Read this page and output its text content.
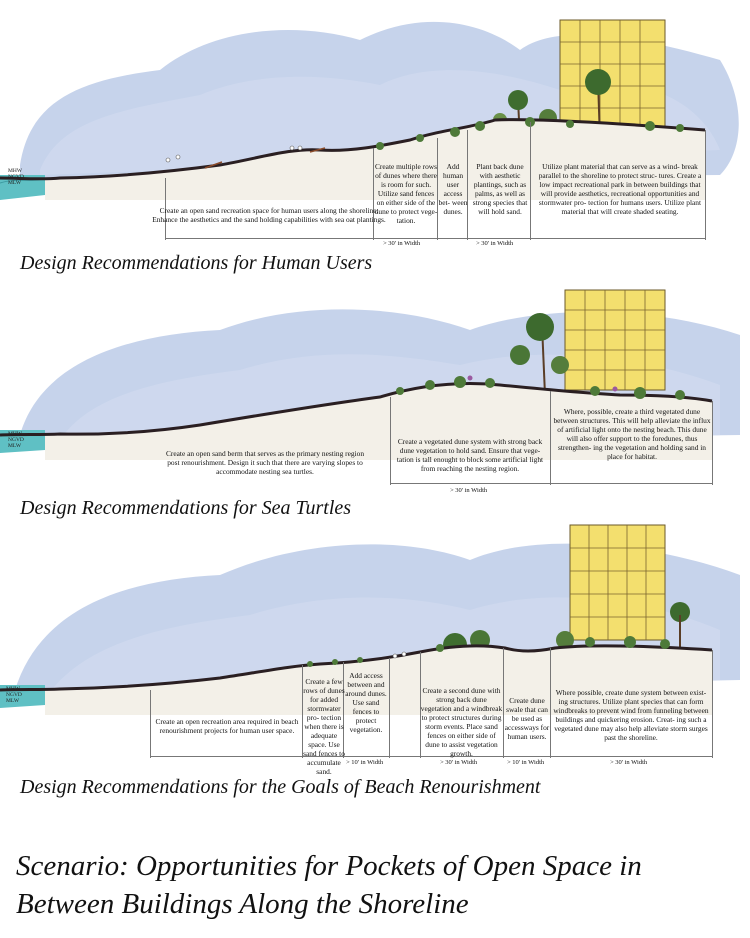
MHW
NGVD
MLW
Create an open sand recreation space for human users along the shoreline. Enhance the aesthetics and the sand holding capabilities with sea oat plantings.
Create multiple rows of dunes where there is room for such. Utilize sand fences on either side of the dune to protect vege- tation.
Add human user access bet- ween dunes.
Plant back dune with aesthetic plantings, such as palms, as well as strong species that will hold sand.
Utilize plant material that can serve as a wind- break parallel to the shoreline to protect struc- tures. Create a low impact recreational park in between buildings that will provide aesthetics, recreational opportunities and stormwater pro- tection for humans users. Utilize plant material that will create shaded seating.
> 30' in Width	> 30' in Width
Design Recommendations for Human Users
MHW
NGVD
MLW
Create an open sand berm that serves as the primary nesting region post renourishment. Design it such that there are varying slopes to accommodate nesting sea turtles.
Create a vegetated dune system with strong back dune vegetation to hold sand. Ensure that vege- tation is tall enought to block some artificial light from reaching the nesting region.
Where, possible, create a third vegetated dune between structures. This will help alleviate the influx of artificial light onto the nesting beach. This dune will also offer support to the foredunes, thus strengthen- ing the vegetation and holding sand in place for habitat.
> 30' in Width
Design Recommendations for Sea Turtles
MHW
NGVD
MLW
Create an open recreation area required in beach renourishment projects for human user space.
Create a few rows of dunes for added stormwater pro- tection when there is adequate space. Use sand fences to accumulate sand.
Add access between and around dunes. Use sand fences to protect vegetation.
Create a second dune with strong back dune vegetation and a windbreak to protect structures during storm events. Place sand fences on either side of dune to assist vegetation growth.
Create dune swale that can be used as accessways for human users.
Where possible, create dune system between exist- ing structures. Utilize plant species that can form windbreaks to prevent wind from funneling between buildings and quickering erosion. Creat- ing such a vegetated dune may also help alleviate storm surges past the shoreline.
> 10' in Width	> 30' in Width	> 10' in Width	> 30' in Width
Design Recommendations for the Goals of Beach Renourishment
Scenario: Opportunities for Pockets of Open Space in
Between Buildings Along the Shoreline
